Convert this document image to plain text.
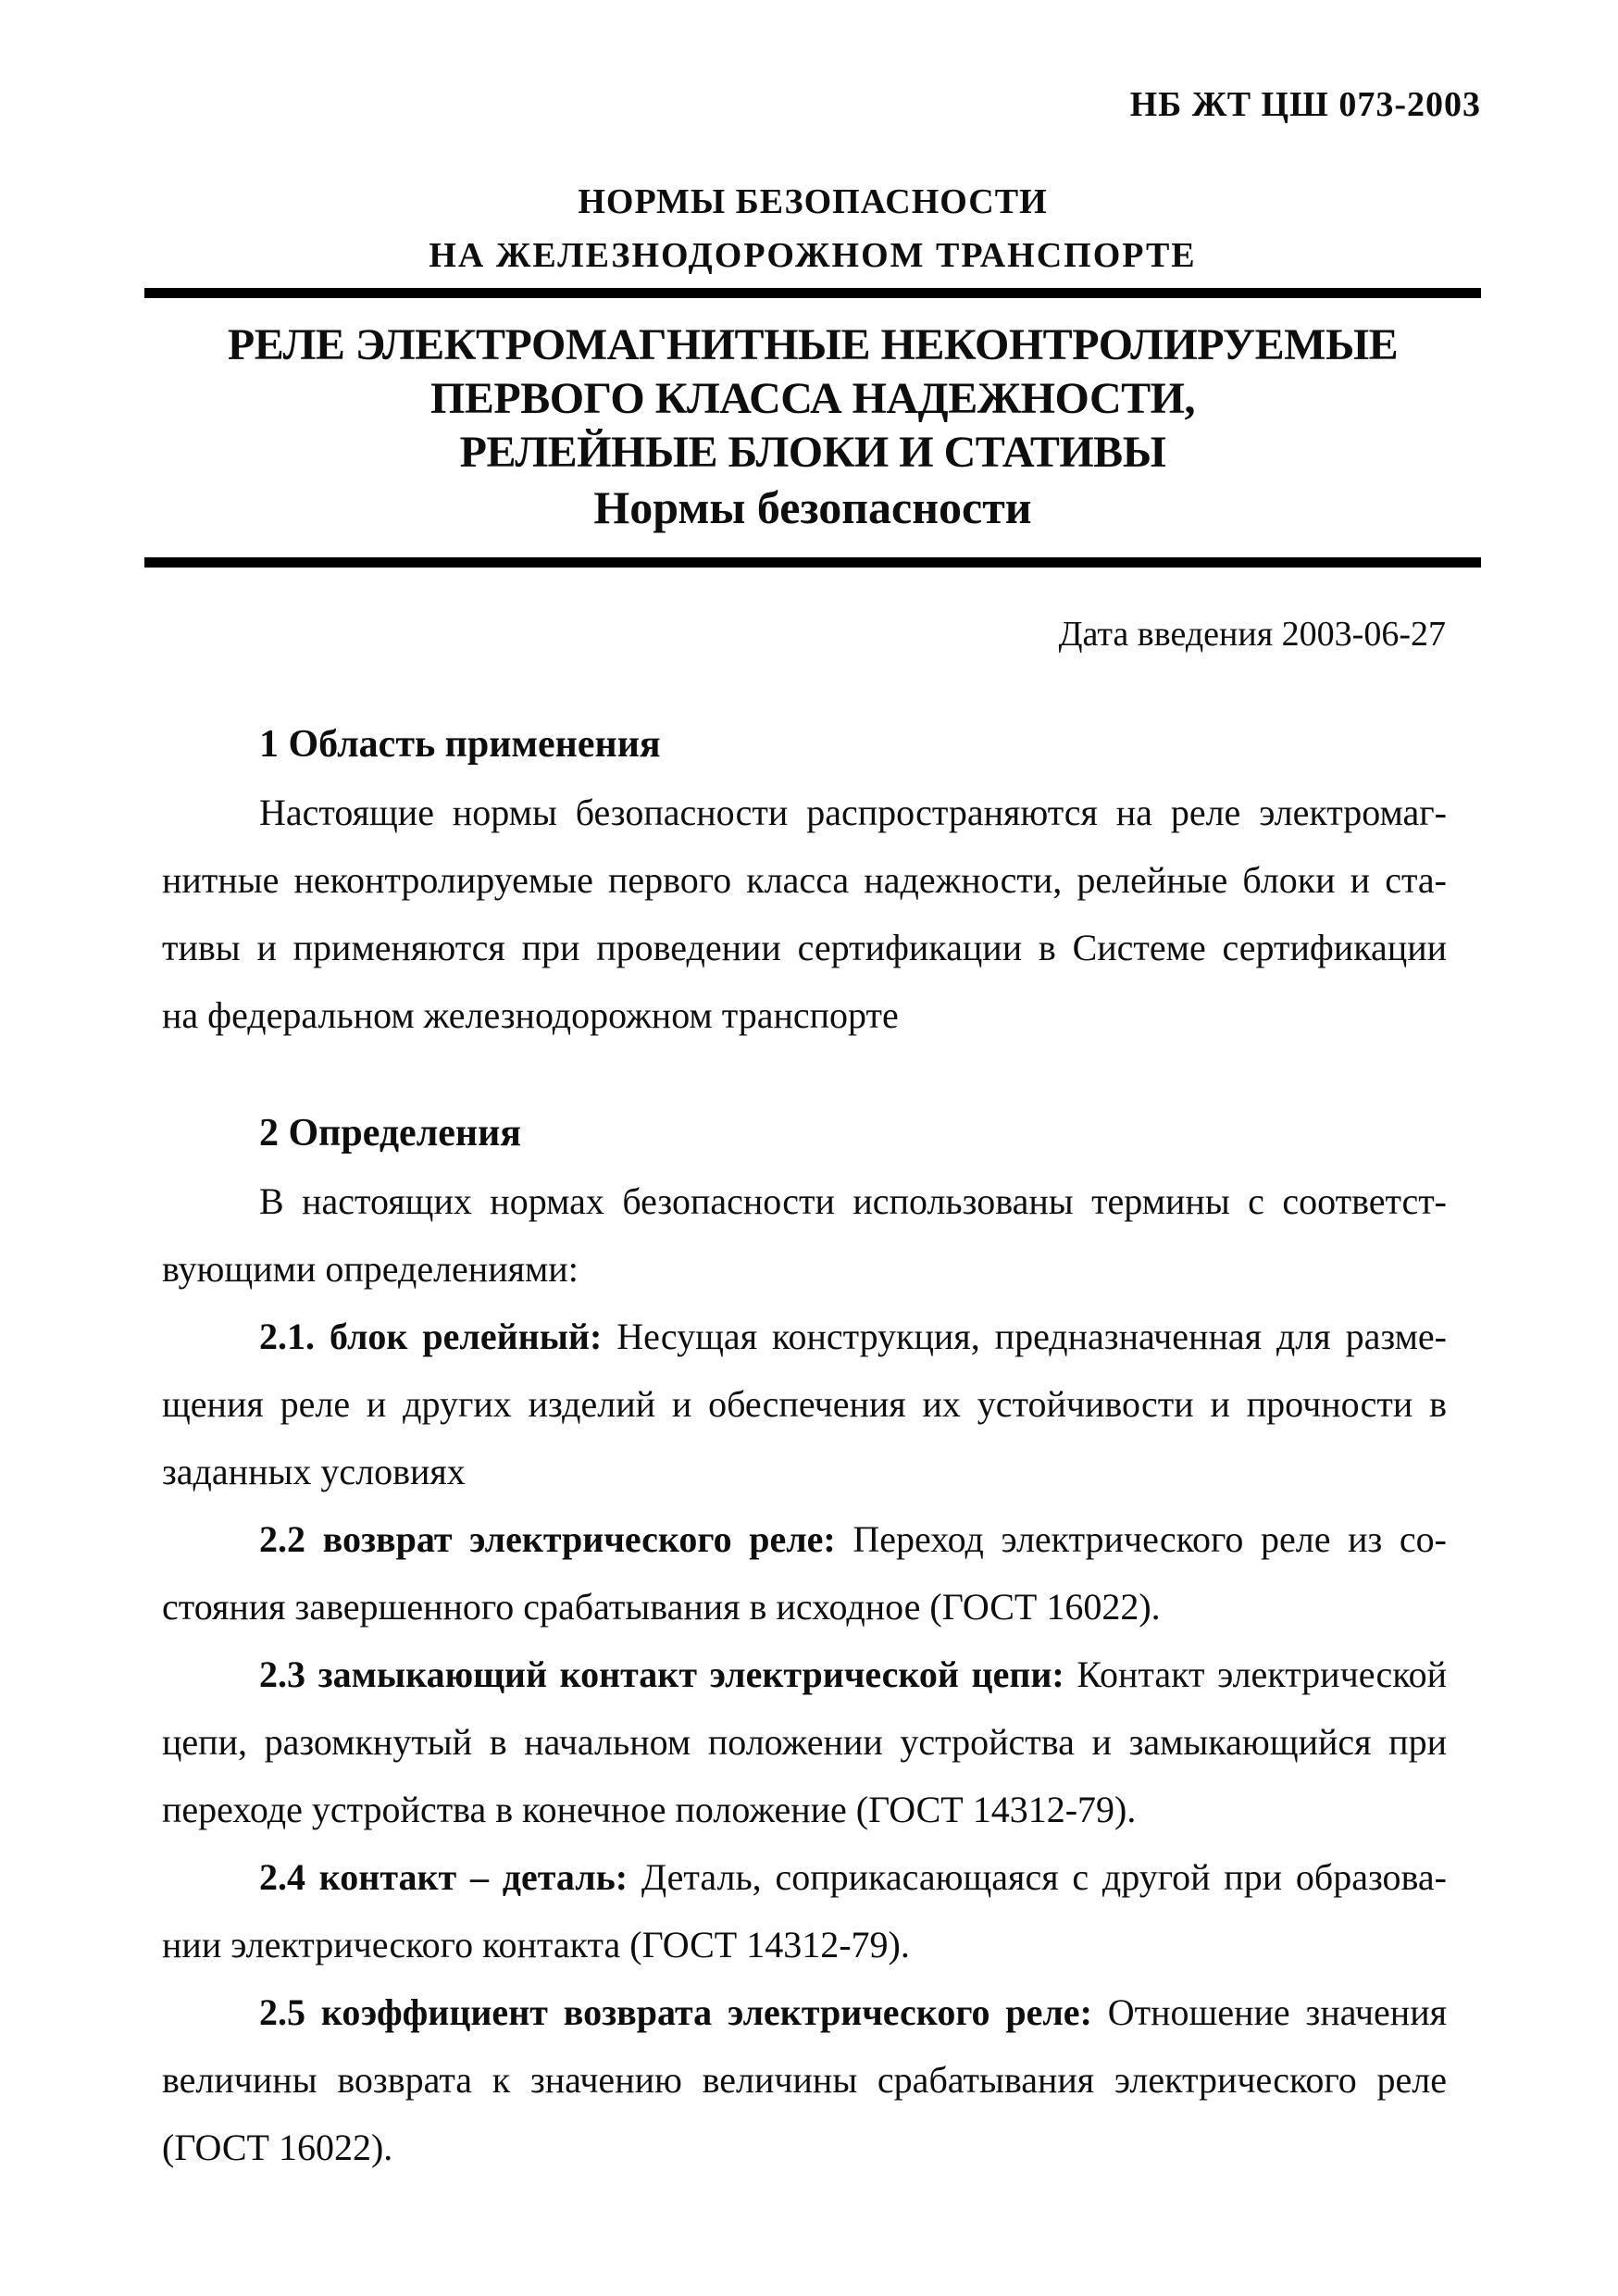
НБ ЖТ ЦШ 073-2003
НОРМЫ БЕЗОПАСНОСТИ
НА ЖЕЛЕЗНОДОРОЖНОМ ТРАНСПОРТЕ
РЕЛЕ ЭЛЕКТРОМАГНИТНЫЕ НЕКОНТРОЛИРУЕМЫЕ
ПЕРВОГО КЛАССА НАДЕЖНОСТИ,
РЕЛЕЙНЫЕ БЛОКИ И СТАТИВЫ
Нормы безопасности
Дата введения 2003-06-27
1 Область применения
Настоящие нормы безопасности распространяются на реле электромаг-
нитные неконтролируемые первого класса надежности, релейные блоки и ста-
тивы и применяются при проведении сертификации в Системе сертификации
на федеральном железнодорожном транспорте
2 Определения
В настоящих нормах безопасности использованы термины с соответст-
вующими определениями:
2.1. блок релейный: Несущая конструкция, предназначенная для разме-
щения реле и других изделий и обеспечения их устойчивости и прочности в
заданных условиях
2.2 возврат электрического реле: Переход электрического реле из со-
стояния завершенного срабатывания в исходное (ГОСТ 16022).
2.3 замыкающий контакт электрической цепи: Контакт электрической
цепи, разомкнутый в начальном положении устройства и замыкающийся при
переходе устройства в конечное положение (ГОСТ 14312-79).
2.4 контакт – деталь: Деталь, соприкасающаяся с другой при образова-
нии электрического контакта (ГОСТ 14312-79).
2.5 коэффициент возврата электрического реле: Отношение значения
величины возврата к значению величины срабатывания электрического реле
(ГОСТ 16022).
